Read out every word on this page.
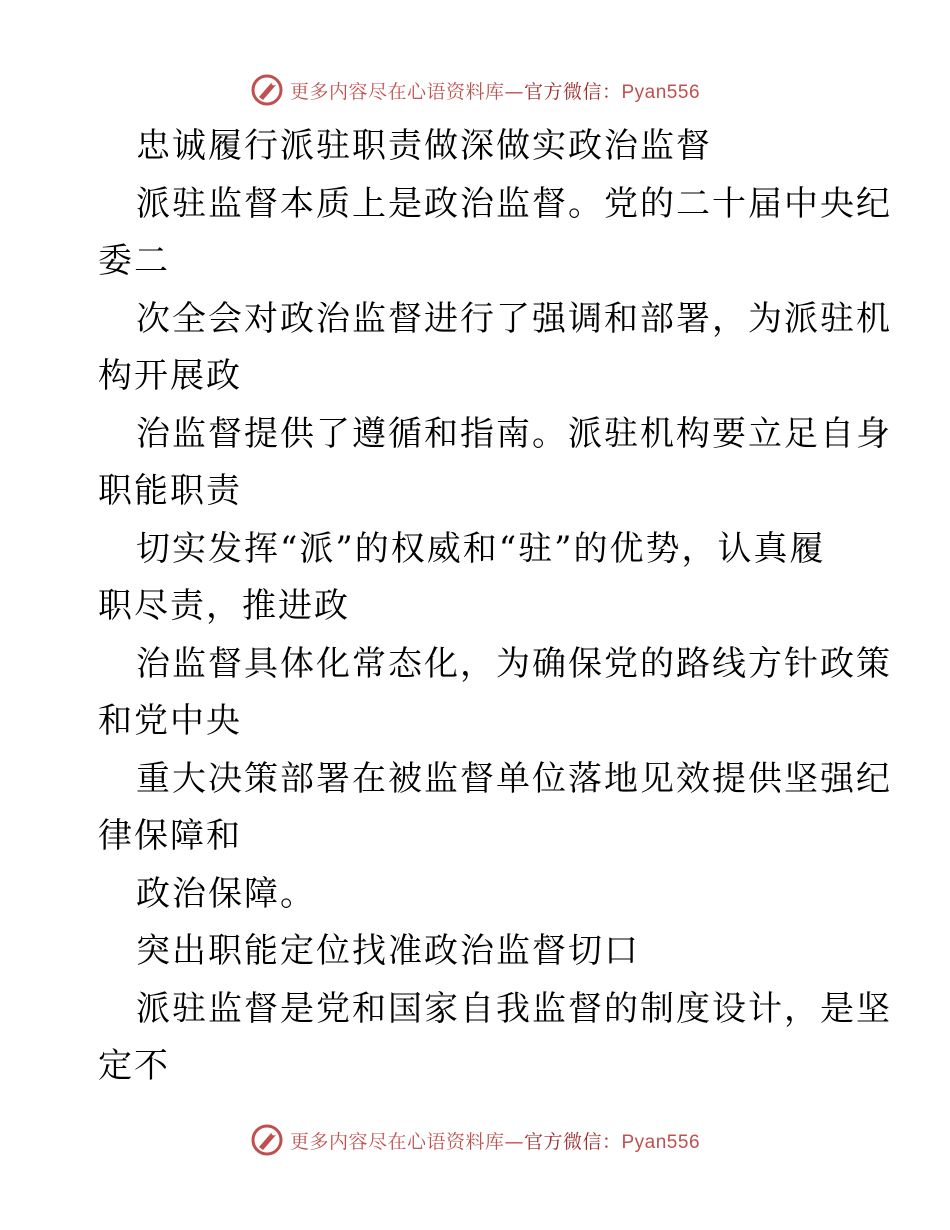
更多内容尽在心语资料库—官方微信：Pyan556
忠诚履行派驻职责做深做实政治监督
派驻监督本质上是政治监督。党的二十届中央纪
委二
次全会对政治监督进行了强调和部署，为派驻机
构开展政
治监督提供了遵循和指南。派驻机构要立足自身
职能职责
切实发挥“派”的权威和“驻”的优势，认真履
职尽责，推进政
治监督具体化常态化，为确保党的路线方针政策
和党中央
重大决策部署在被监督单位落地见效提供坚强纪
律保障和
政治保障。
突出职能定位找准政治监督切口
派驻监督是党和国家自我监督的制度设计，是坚
定不
更多内容尽在心语资料库—官方微信：Pyan556
